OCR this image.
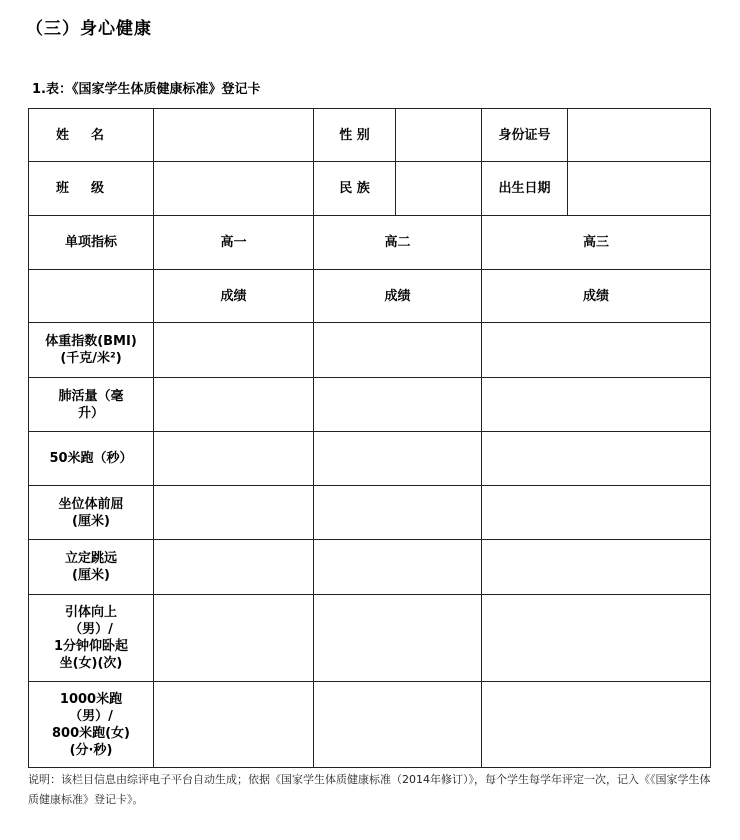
（三）身心健康
1.表：《国家学生体质健康标准》登记卡
姓名		性 别		身份证号	
班级		民 族		出生日期	
单项指标	高一	高二		高三	
	成绩	成绩		成绩	

体重指数(BMI)
(千克/米²)					

肺活量（毫
升）					

50米跑（秒）					

坐位体前屈
(厘米)					

立定跳远
(厘米)					

引体向上
（男）/
1分钟仰卧起
坐(女)(次)					

1000米跑
（男）/
800米跑(女)
(分·秒)					

说明：该栏目信息由综评电子平台自动生成；依据《国家学生体质健康标准（2014年修订）》，每个学生每学年评定一次，记入《《国家学生体质健康标准》登记卡》。
